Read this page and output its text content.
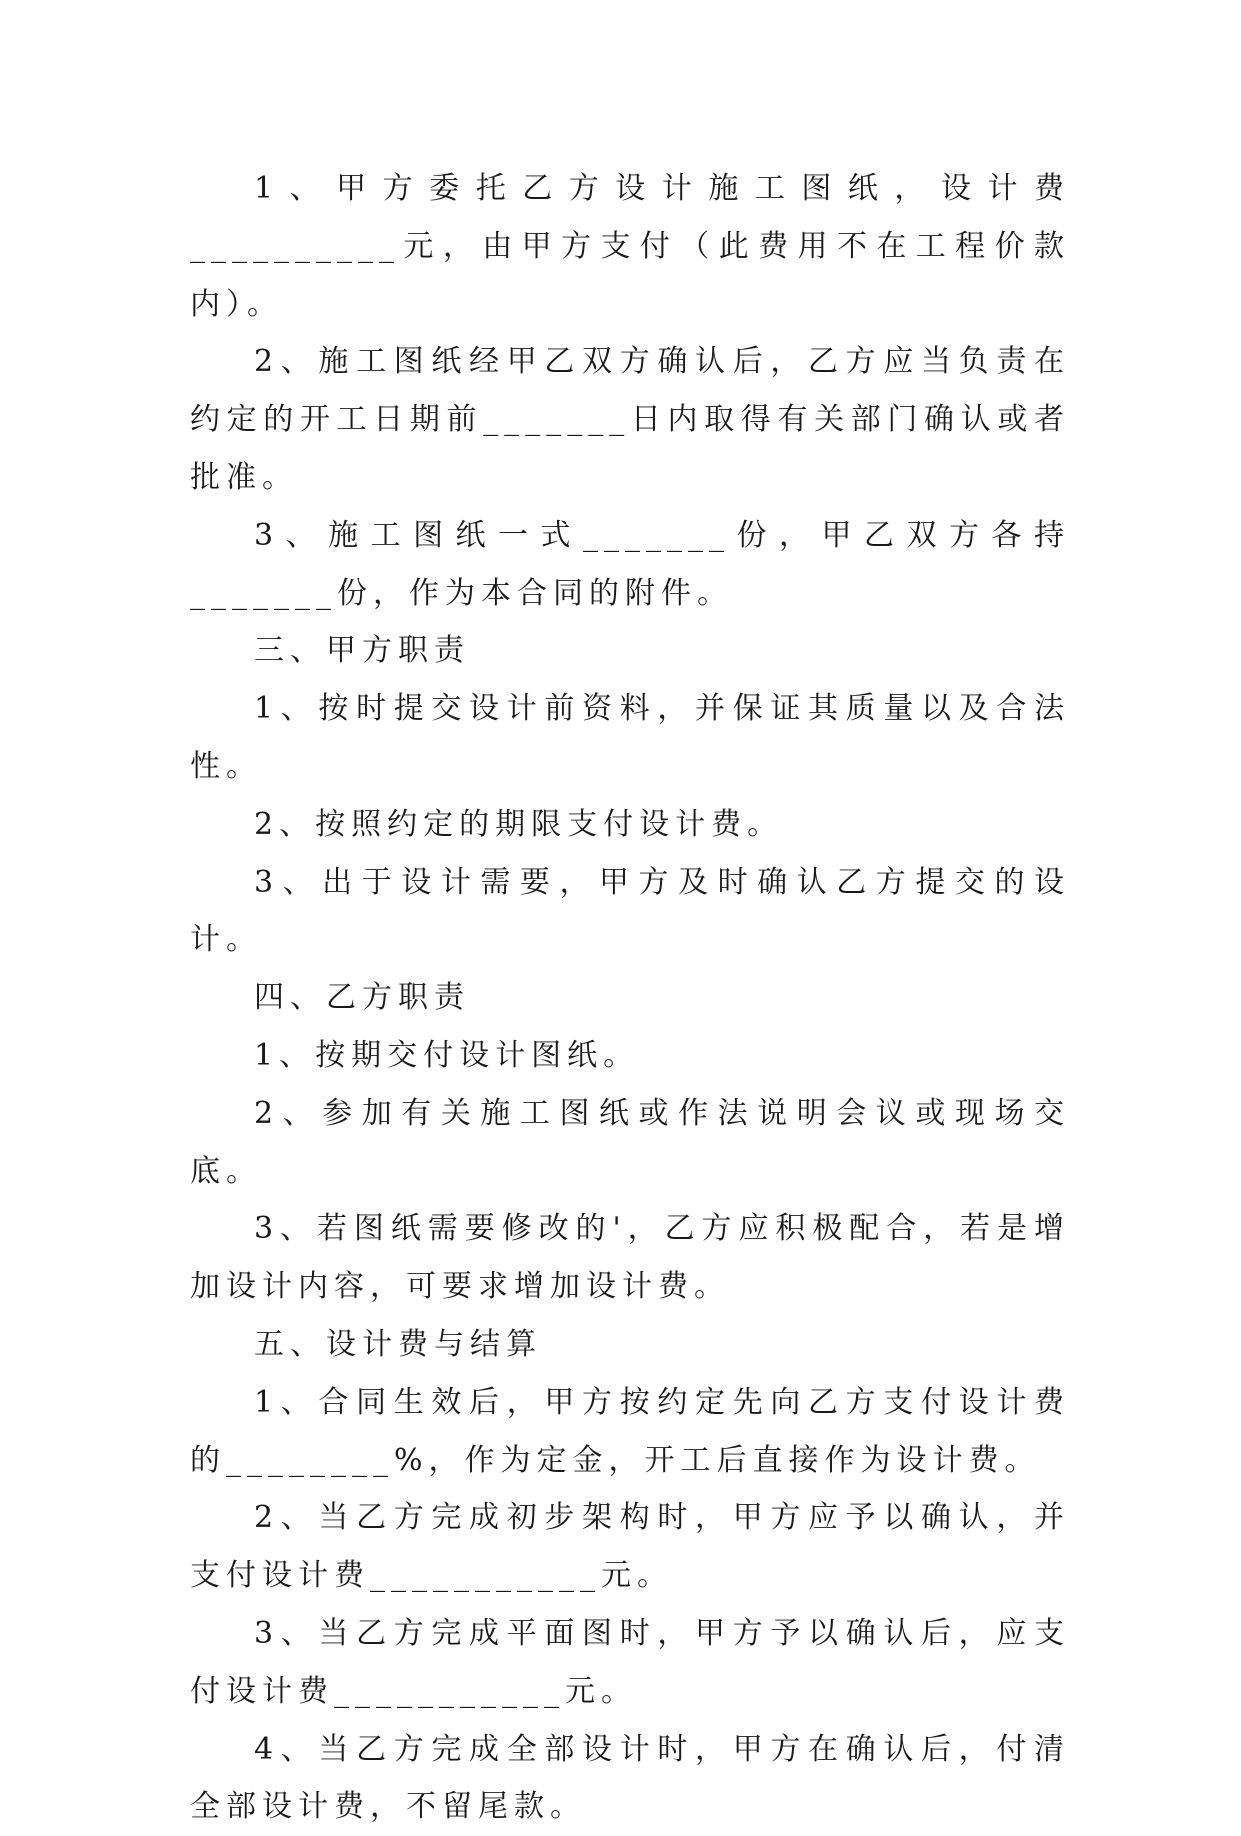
1、甲方委托乙方设计施工图纸，设计费__________元，由甲方支付（此费用不在工程价款内）。

2、施工图纸经甲乙双方确认后，乙方应当负责在约定的开工日期前_______日内取得有关部门确认或者批准。

3、施工图纸一式_______份，甲乙双方各持_______份，作为本合同的附件。

三、甲方职责

1、按时提交设计前资料，并保证其质量以及合法性。

2、按照约定的期限支付设计费。

3、出于设计需要，甲方及时确认乙方提交的设计。

四、乙方职责

1、按期交付设计图纸。

2、参加有关施工图纸或作法说明会议或现场交底。

3、若图纸需要修改的'，乙方应积极配合，若是增加设计内容，可要求增加设计费。

五、设计费与结算

1、合同生效后，甲方按约定先向乙方支付设计费的________%，作为定金，开工后直接作为设计费。

2、当乙方完成初步架构时，甲方应予以确认，并支付设计费___________元。

3、当乙方完成平面图时，甲方予以确认后，应支付设计费___________元。

4、当乙方完成全部设计时，甲方在确认后，付清全部设计费，不留尾款。
